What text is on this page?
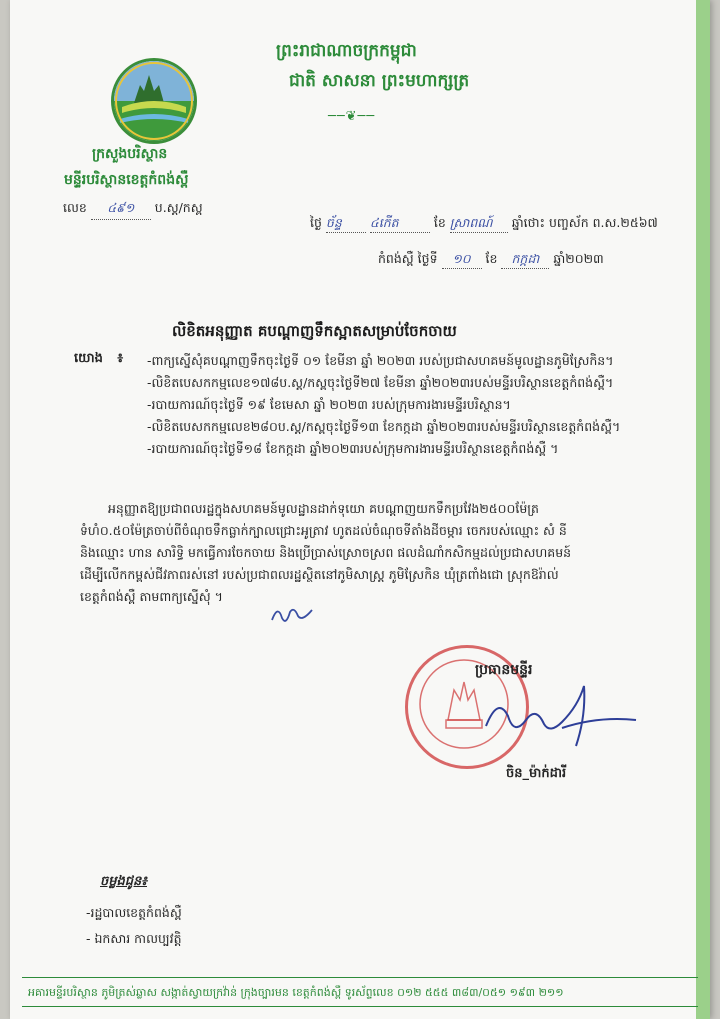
ព្រះរាជាណាចក្រកម្ពុជា
ជាតិ សាសនា ព្រះមហាក្សត្រ
──❦──
ក្រសួងបរិស្ថាន
មន្ទីរបរិស្ថានខេត្តកំពង់ស្ពឺ
លេខ ៤៩១ ប.ស្ត/កស្ព
ថ្ងៃ ច័ន្ទ ៤កើត	ខែ ស្រាពណ៍ ឆ្នាំថោះ បញ្ចស័ក ព.ស.២៥៦៧
កំពង់ស្ពឺ ថ្ងៃទី ១០ ខែ កក្កដា ឆ្នាំ២០២៣
លិខិតអនុញ្ញាត គបណ្ដាញទឹកស្អាតសម្រាប់ចែកចាយ
យោង ៖ -ពាក្យស្នើសុំគបណ្ដាញទឹកចុះថ្ងៃទី ០១ ខែមីនា ឆ្នាំ ២០២៣ របស់ប្រជាសហគមន៍មូលដ្ឋានភូមិស្រែកិន។
-លិខិតបេសកកម្មលេខ១៧៨ប.ស្ត/កស្ពចុះថ្ងៃទី២៧ ខែមីនា ឆ្នាំ២០២៣របស់មន្ទីរបរិស្ថានខេត្តកំពង់ស្ពឺ។
-របាយការណ៍ចុះថ្ងៃទី ១៩ ខែមេសា ឆ្នាំ ២០២៣ របស់ក្រុមការងារមន្ទីរបរិស្ថាន។
-លិខិតបេសកកម្មលេខ២៨០ប.ស្ត/កស្ពចុះថ្ងៃទី១៣ ខែកក្កដា ឆ្នាំ២០២៣របស់មន្ទីរបរិស្ថានខេត្តកំពង់ស្ពឺ។
-របាយការណ៍ចុះថ្ងៃទី១៨ ខែកក្កដា ឆ្នាំ២០២៣របស់ក្រុមការងារមន្ទីរបរិស្ថានខេត្តកំពង់ស្ពឺ ។
អនុញ្ញាតឱ្យប្រជាពលរដ្ឋក្នុងសហគមន៍មូលដ្ឋានដាក់ទុយោ គបណ្ដាញយកទឹកប្រវែង២៥០០ម៉ែត្រ
ទំហំ០.៥០ម៉ែត្រចាប់ពីចំណុចទឹកធ្លាក់ក្បាលជ្រោះអូត្រាវ ហូតដល់ចំណុចទីតាំងដីចម្ការ ចេករបស់ឈ្មោះ សំ នី
និងឈ្មោះ ហាន សារិទ្ធិ មកធ្វើការចែកចាយ និងប្រើប្រាស់ស្រោចស្រព ផលដំណាំកសិកម្មដល់ប្រជាសហគមន៍
ដើម្បីលើកកម្ពស់ជីវភាពរស់នៅ របស់ប្រជាពលរដ្ឋស្ថិតនៅភូមិសាស្ត្រ ភូមិស្រែកិន ឃុំត្រពាំងជោ ស្រុកឱរ៉ាល់
ខេត្តកំពង់ស្ពឺ តាមពាក្យស្នើសុំ ។
ប្រធានមន្ទីរ
ចិន_ម៉ាក់ដារី
ចម្លងជូន៖
-រដ្ឋបាលខេត្តកំពង់ស្ពឺ
- ឯកសារ កាលប្បវត្តិ
អគារមន្ទីរបរិស្ថាន ភូមិត្រស់ឆ្លាស សង្កាត់ស្វាយក្រវ៉ាន់ ក្រុងច្បារមន ខេត្តកំពង់ស្ពឺ ទូរស័ព្ទលេខ ០១២ ៥៥៥ ៣៨៣/០៥១ ១៩៣ ២១១
